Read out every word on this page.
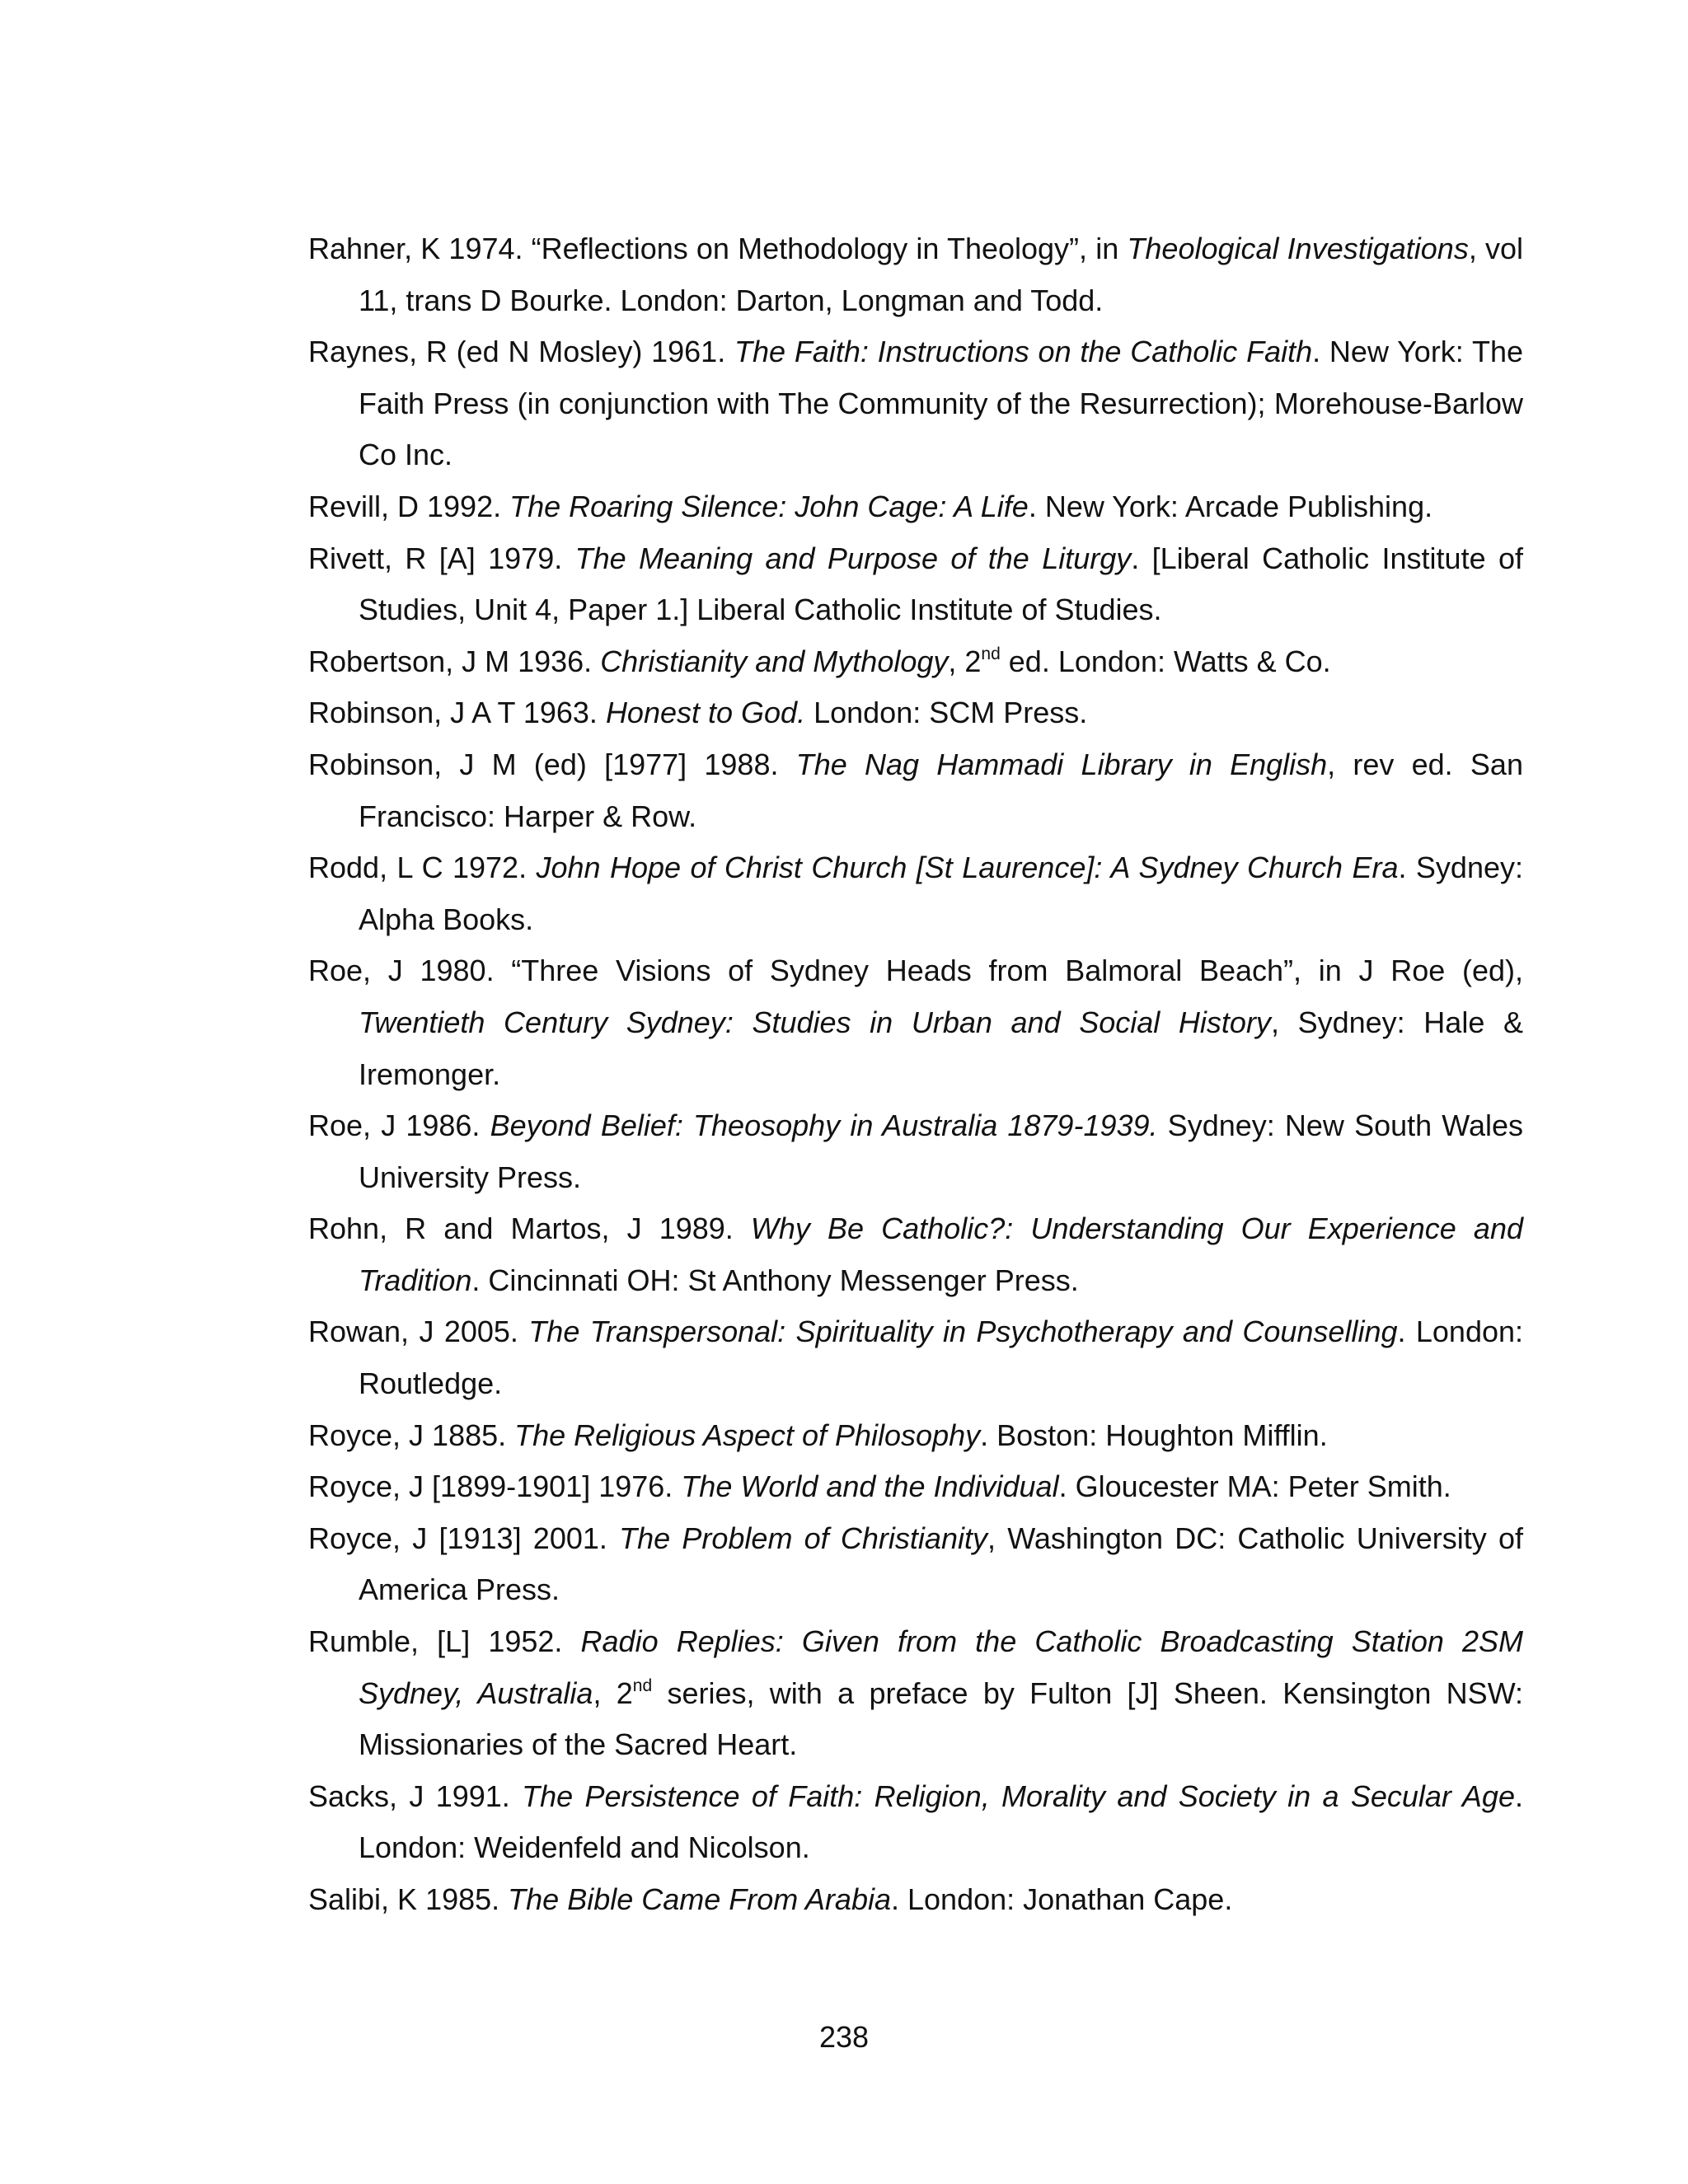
Rahner, K 1974. “Reflections on Methodology in Theology”, in Theological Investigations, vol 11, trans D Bourke. London: Darton, Longman and Todd.

Raynes, R (ed N Mosley) 1961. The Faith: Instructions on the Catholic Faith. New York: The Faith Press (in conjunction with The Community of the Resurrection); Morehouse-Barlow Co Inc.

Revill, D 1992. The Roaring Silence: John Cage: A Life. New York: Arcade Publishing.

Rivett, R [A] 1979. The Meaning and Purpose of the Liturgy. [Liberal Catholic Institute of Studies, Unit 4, Paper 1.] Liberal Catholic Institute of Studies.

Robertson, J M 1936. Christianity and Mythology, 2nd ed. London: Watts & Co.

Robinson, J A T 1963. Honest to God. London: SCM Press.

Robinson, J M (ed) [1977] 1988. The Nag Hammadi Library in English, rev ed. San Francisco: Harper & Row.

Rodd, L C 1972. John Hope of Christ Church [St Laurence]: A Sydney Church Era. Sydney: Alpha Books.

Roe, J 1980. “Three Visions of Sydney Heads from Balmoral Beach”, in J Roe (ed), Twentieth Century Sydney: Studies in Urban and Social History, Sydney: Hale & Iremonger.

Roe, J 1986. Beyond Belief: Theosophy in Australia 1879-1939. Sydney: New South Wales University Press.

Rohn, R and Martos, J 1989. Why Be Catholic?: Understanding Our Experience and Tradition. Cincinnati OH: St Anthony Messenger Press.

Rowan, J 2005. The Transpersonal: Spirituality in Psychotherapy and Counselling. London: Routledge.

Royce, J 1885. The Religious Aspect of Philosophy. Boston: Houghton Mifflin.

Royce, J [1899-1901] 1976. The World and the Individual. Gloucester MA: Peter Smith.

Royce, J [1913] 2001. The Problem of Christianity, Washington DC: Catholic University of America Press.

Rumble, [L] 1952. Radio Replies: Given from the Catholic Broadcasting Station 2SM Sydney, Australia, 2nd series, with a preface by Fulton [J] Sheen. Kensington NSW: Missionaries of the Sacred Heart.

Sacks, J 1991. The Persistence of Faith: Religion, Morality and Society in a Secular Age. London: Weidenfeld and Nicolson.

Salibi, K 1985. The Bible Came From Arabia. London: Jonathan Cape.

238
